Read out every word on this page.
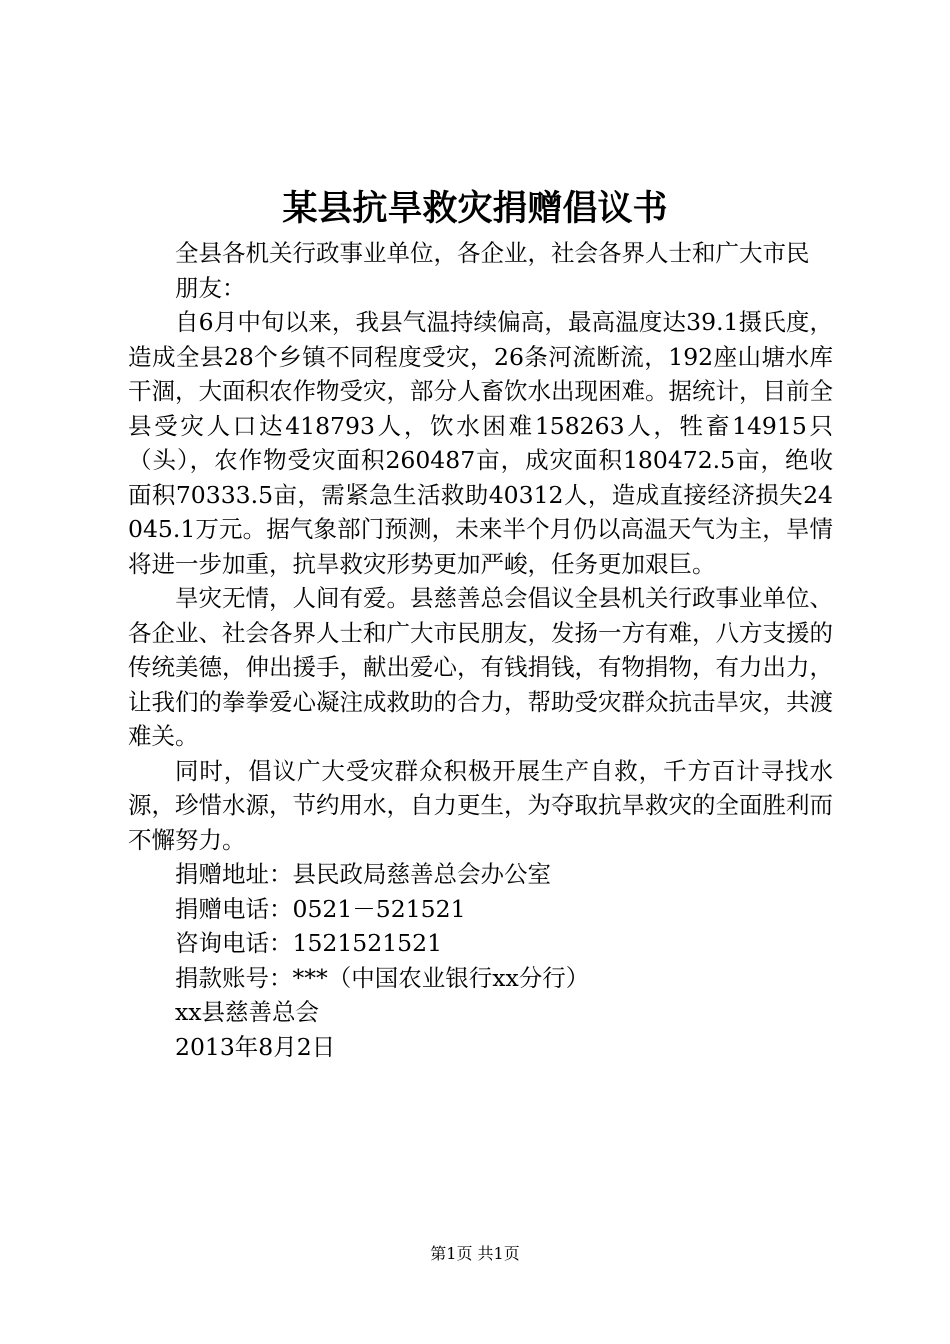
某县抗旱救灾捐赠倡议书

全县各机关行政事业单位，各企业，社会各界人士和广大市民

朋友：

自6月中旬以来，我县气温持续偏高，最高温度达39.1摄氏度，造成全县28个乡镇不同程度受灾，26条河流断流，192座山塘水库干涸，大面积农作物受灾，部分人畜饮水出现困难。据统计，目前全县受灾人口达418793人，饮水困难158263人，牲畜14915只（头），农作物受灾面积260487亩，成灾面积180472.5亩，绝收面积70333.5亩，需紧急生活救助40312人，造成直接经济损失24045.1万元。据气象部门预测，未来半个月仍以高温天气为主，旱情将进一步加重，抗旱救灾形势更加严峻，任务更加艰巨。

旱灾无情，人间有爱。县慈善总会倡议全县机关行政事业单位、各企业、社会各界人士和广大市民朋友，发扬一方有难，八方支援的传统美德，伸出援手，献出爱心，有钱捐钱，有物捐物，有力出力，让我们的拳拳爱心凝注成救助的合力，帮助受灾群众抗击旱灾，共渡难关。

同时，倡议广大受灾群众积极开展生产自救，千方百计寻找水源，珍惜水源，节约用水，自力更生，为夺取抗旱救灾的全面胜利而不懈努力。

捐赠地址：县民政局慈善总会办公室

捐赠电话：0521－521521

咨询电话：1521521521

捐款账号：***（中国农业银行xx分行）

xx县慈善总会

2013年8月2日

第1页 共1页
